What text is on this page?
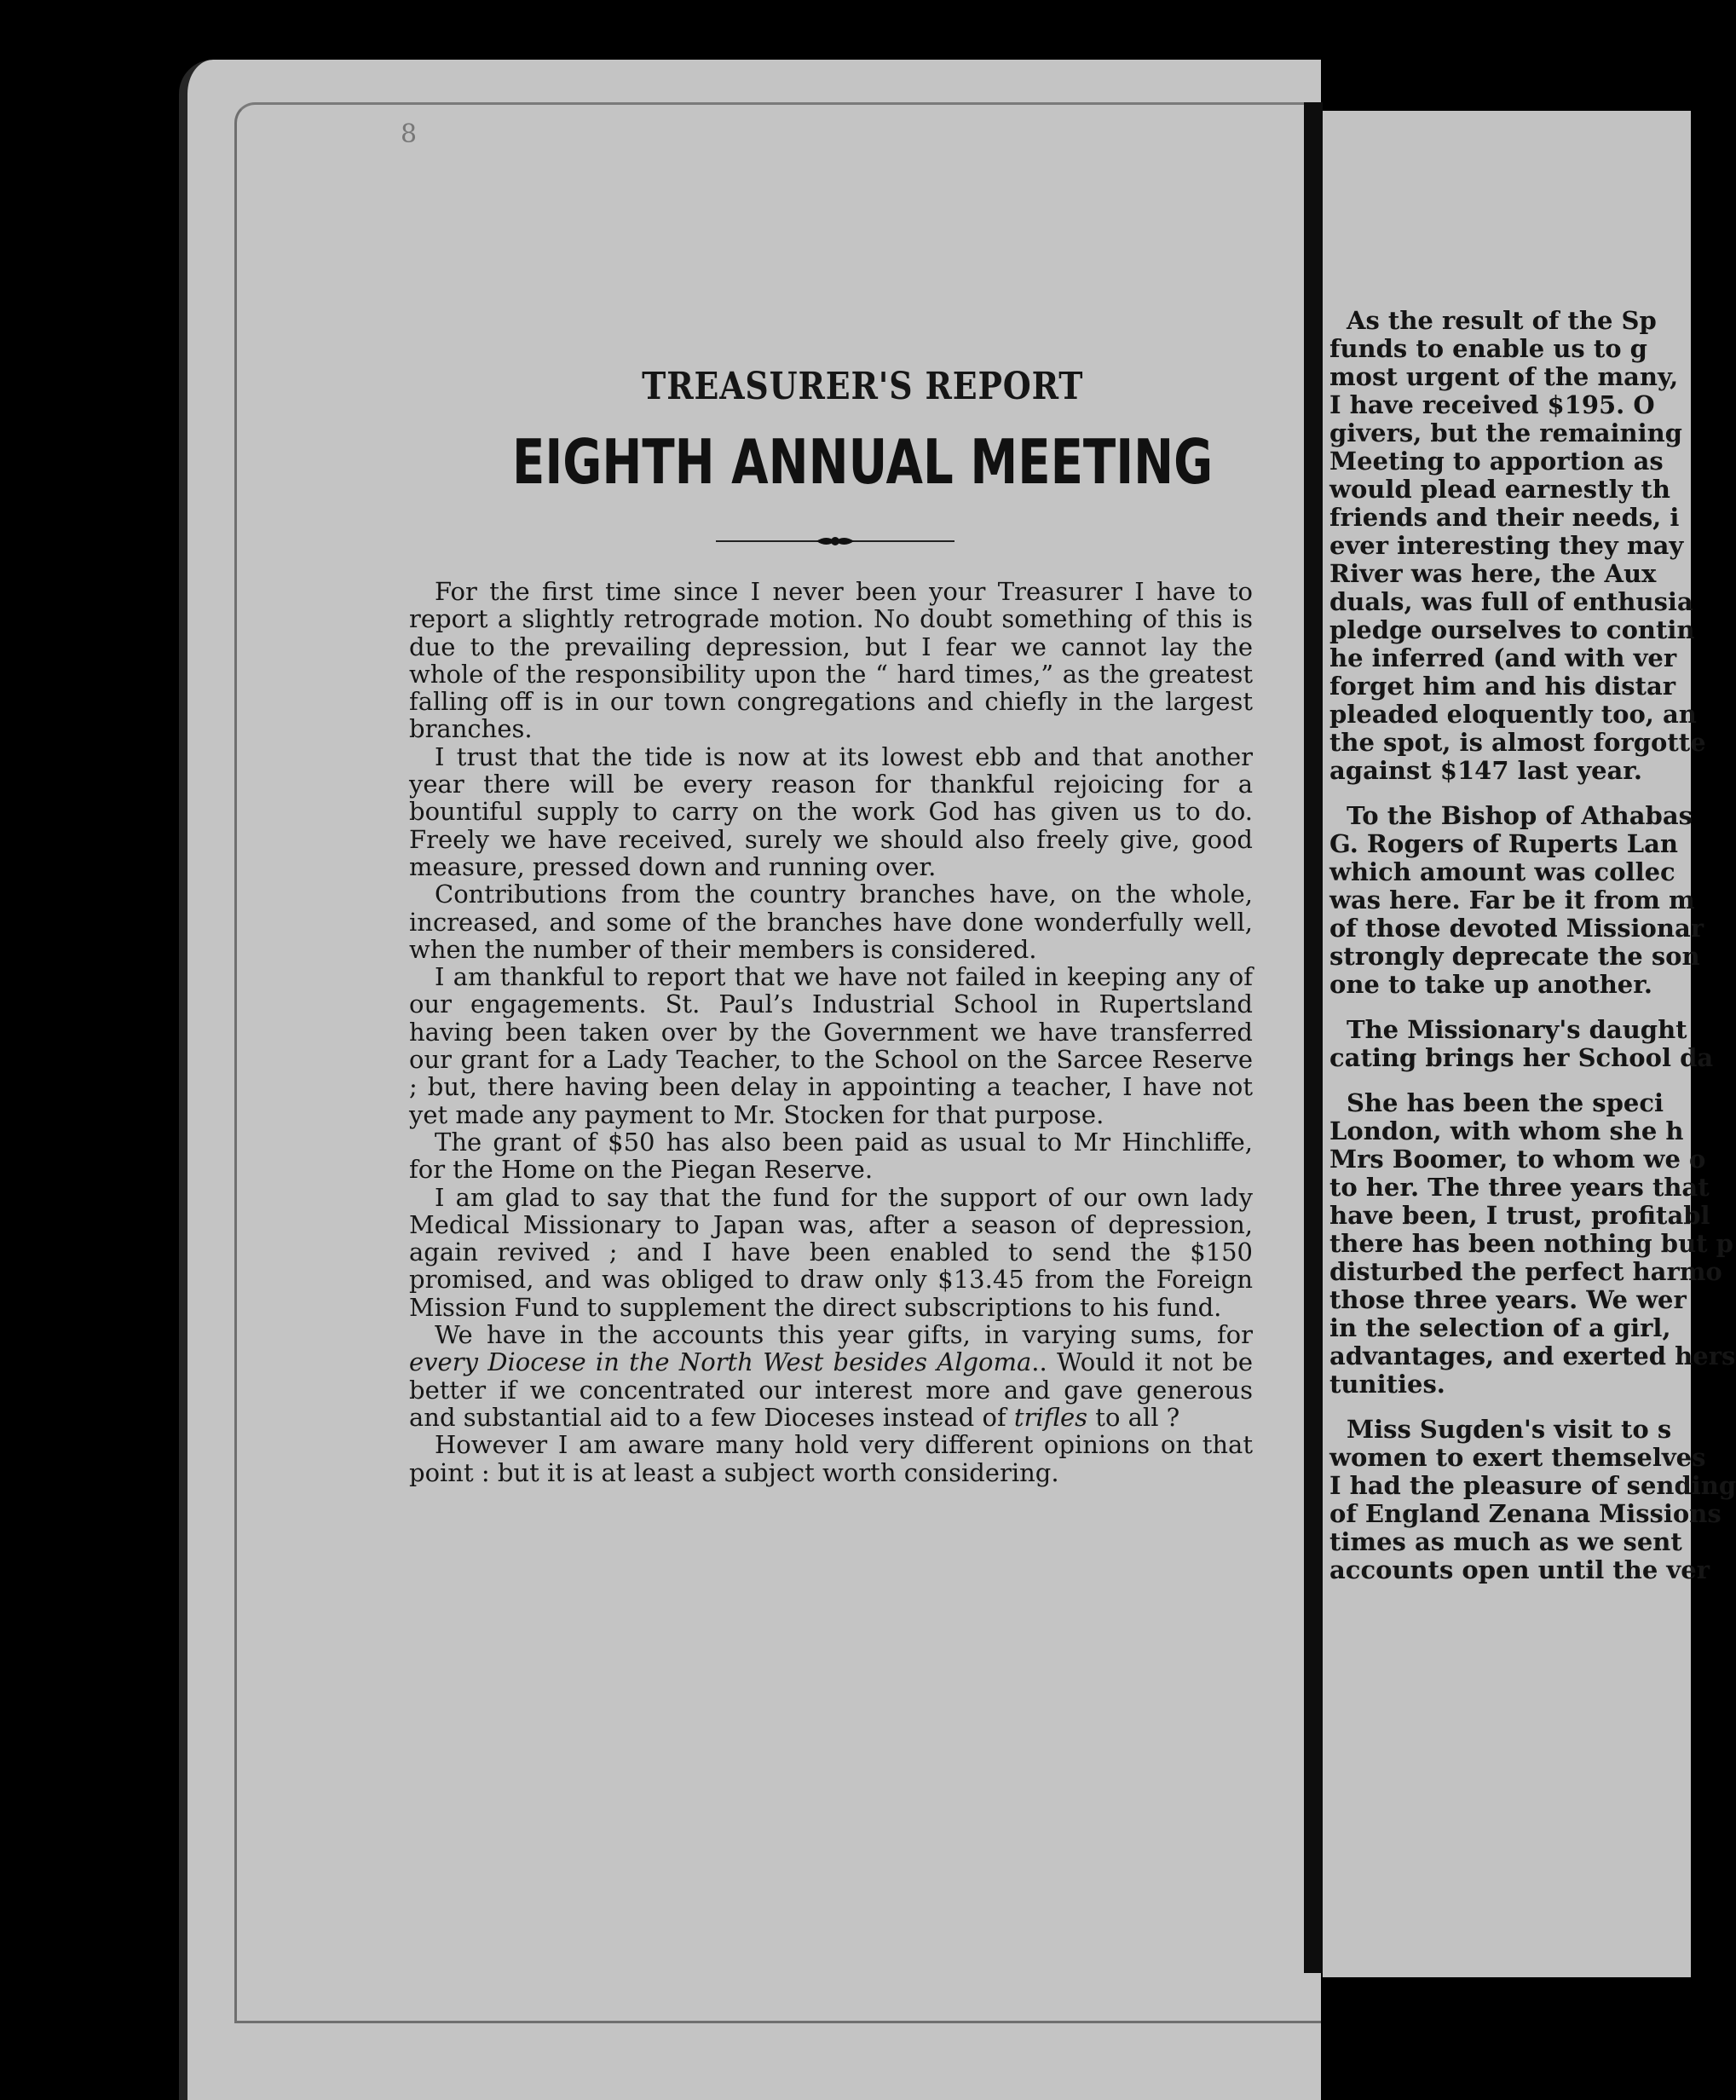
8
TREASURER'S REPORT
EIGHTH ANNUAL MEETING

For the first time since I never been your Treasurer I have to report a slightly retrograde motion. No doubt something of this is due to the prevailing depression, but I fear we cannot lay the whole of the responsibility upon the “ hard times,” as the greatest falling off is in our town congregations and chiefly in the largest branches.

I trust that the tide is now at its lowest ebb and that another year there will be every reason for thankful rejoicing for a bountiful supply to carry on the work God has given us to do. Freely we have received, surely we should also freely give, good measure, pressed down and running over.

Contributions from the country branches have, on the whole, increased, and some of the branches have done wonderfully well, when the number of their members is considered.

I am thankful to report that we have not failed in keeping any of our engagements. St. Paul’s Industrial School in Rupertsland having been taken over by the Government we have transferred our grant for a Lady Teacher, to the School on the Sarcee Reserve ; but, there having been delay in appointing a teacher, I have not yet made any payment to Mr. Stocken for that purpose.

The grant of $50 has also been paid as usual to Mr Hinchliffe, for the Home on the Piegan Reserve.

I am glad to say that the fund for the support of our own lady Medical Missionary to Japan was, after a season of depression, again revived ; and I have been enabled to send the $150 promised, and was obliged to draw only $13.45 from the Foreign Mission Fund to supplement the direct subscriptions to his fund.

We have in the accounts this year gifts, in varying sums, for every Diocese in the North West besides Algoma.. Would it not be better if we concentrated our interest more and gave generous and substantial aid to a few Dioceses instead of trifles to all ?

However I am aware many hold very different opinions on that point : but it is at least a subject worth considering.

As the result of the Sp
funds to enable us to g
most urgent of the many,
I have received $195. O
givers, but the remaining
Meeting to apportion as
would plead earnestly th
friends and their needs, i
ever interesting they may
River was here, the Aux
duals, was full of enthusia
pledge ourselves to contin
he inferred (and with ver
forget him and his distar
pleaded eloquently too, an
the spot, is almost forgotte
against $147 last year.
To the Bishop of Athabas
G. Rogers of Ruperts Lan
which amount was collec
was here. Far be it from m
of those devoted Missionar
strongly deprecate the son
one to take up another.
The Missionary's daught
cating brings her School da
She has been the speci
London, with whom she h
Mrs Boomer, to whom we o
to her. The three years that
have been, I trust, profitabl
there has been nothing but p
disturbed the perfect harmo
those three years. We wer
in the selection of a girl,
advantages, and exerted hers
tunities.
Miss Sugden's visit to s
women to exert themselves
I had the pleasure of sending
of England Zenana Missions
times as much as we sent
accounts open until the ver
